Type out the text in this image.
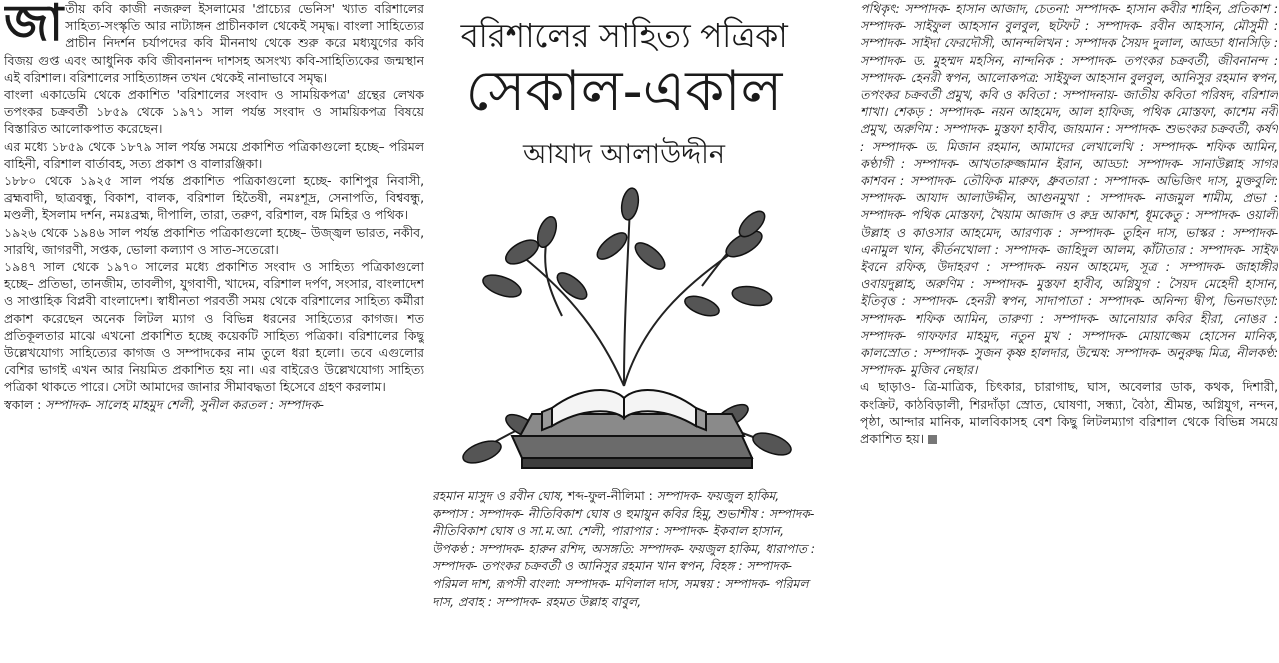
জাতীয় কবি কাজী নজরুল ইসলামের 'প্রাচ্যের ভেনিস' খ্যাত বরিশালের সাহিত্য-সংস্কৃতি আর নাট্যাঙ্গন প্রাচীনকাল থেকেই সমৃদ্ধ। বাংলা সাহিত্যের প্রাচীন নিদর্শন চর্যাপদের কবি মীননাথ থেকে শুরু করে মধ্যযুগের কবি বিজয় গুপ্ত এবং আধুনিক কবি জীবনানন্দ দাশসহ অসংখ্য কবি-সাহিত্যিকের জন্মস্থান এই বরিশাল। বরিশালের সাহিত্যাঙ্গন তখন থেকেই নানাভাবে সমৃদ্ধ।

বাংলা একাডেমি থেকে প্রকাশিত 'বরিশালের সংবাদ ও সাময়িকপত্র' গ্রন্থের লেখক তপংকর চক্রবর্তী ১৮৫৯ থেকে ১৯৭১ সাল পর্যন্ত সংবাদ ও সাময়িকপত্র বিষয়ে বিস্তারিত আলোকপাত করেছেন।

এর মধ্যে ১৮৫৯ থেকে ১৮৭৯ সাল পর্যন্ত সময়ে প্রকাশিত পত্রিকাগুলো হচ্ছে– পরিমল বাহিনী, বরিশাল বার্তাবহ, সত্য প্রকাশ ও বালারঞ্জিকা।

১৮৮০ থেকে ১৯২৫ সাল পর্যন্ত প্রকাশিত পত্রিকাগুলো হচ্ছে- কাশিপুর নিবাসী, ব্রহ্মবাদী, ছাত্রবন্ধু, বিকাশ, বালক, বরিশাল হিতৈষী, নমঃশূদ্র, সেনাপতি, বিশ্ববন্ধু, মণ্ডলী, ইসলাম দর্শন, নমঃব্রহ্ম, দীপালি, তারা, তরুণ, বরিশাল, বঙ্গ মিহির ও পথিক।

১৯২৬ থেকে ১৯৪৬ সাল পর্যন্ত প্রকাশিত পত্রিকাগুলো হচ্ছে– উজ্জ্বল ভারত, নকীব, সারথি, জাগরণী, সপ্তক, ভোলা কল্যাণ ও সাত-সতেরো।

১৯৪৭ সাল থেকে ১৯৭০ সালের মধ্যে প্রকাশিত সংবাদ ও সাহিত্য পত্রিকাগুলো হচ্ছে– প্রতিভা, তানজীম, তাবলীগ, যুগবাণী, খাদেম, বরিশাল দর্পণ, সংসার, বাংলাদেশ ও সাপ্তাহিক বিপ্লবী বাংলাদেশ। স্বাধীনতা পরবর্তী সময় থেকে বরিশালের সাহিত্য কর্মীরা প্রকাশ করেছেন অনেক লিটল ম্যাগ ও বিভিন্ন ধরনের সাহিত্যের কাগজ। শত প্রতিকূলতার মাঝে এখনো প্রকাশিত হচ্ছে কয়েকটি সাহিত্য পত্রিকা। বরিশালের কিছু উল্লেখযোগ্য সাহিত্যের কাগজ ও সম্পাদকের নাম তুলে ধরা হলো। তবে এগুলোর বেশির ভাগই এখন আর নিয়মিত প্রকাশিত হয় না। এর বাইরেও উল্লেখযোগ্য সাহিত্য পত্রিকা থাকতে পারে। সেটা আমাদের জানার সীমাবদ্ধতা হিসেবে গ্রহণ করলাম।

স্বকাল : সম্পাদক- সালেহ মাহমুদ শেলী, সুনীল করতল : সম্পাদক-

বরিশালের সাহিত্য পত্রিকা
সেকাল-একাল
আযাদ আলাউদ্দীন
রহমান মাসুদ ও রবীন ঘোষ, শব্দ-ফুল-নীলিমা : সম্পাদক- ফয়জুল হাকিম, কম্পাস : সম্পাদক- নীতিবিকাশ ঘোষ ও হুমায়ুন কবির হিমু, শুভাশীষ : সম্পাদক- নীতিবিকাশ ঘোষ ও সা.ম.আ. শেলী, পারাপার : সম্পাদক- ইকবাল হাসান, উপকণ্ঠ : সম্পাদক- হারুন রশিদ, অসঙ্গতি: সম্পাদক- ফয়জুল হাকিম, ধারাপাত : সম্পাদক- তপংকর চক্রবর্তী ও আনিসুর রহমান খান স্বপন, বিহঙ্গ : সম্পাদক- পরিমল দাশ, রূপসী বাংলা: সম্পাদক- মণিলাল দাস, সমন্বয় : সম্পাদক- পরিমল দাস, প্রবাহ : সম্পাদক- রহমত উল্লাহ বাবুল,

পথিকৃৎ: সম্পাদক- হাসান আজাদ, চেতনা: সম্পাদক- হাসান কবীর শাহিন, প্রতিকাশ : সম্পাদক- সাইফুল আহসান বুলবুল, ছটফট : সম্পাদক- রবীন আহসান, মৌসুমী : সম্পাদক- সাইদা ফেরদৌসী, আনন্দলিখন : সম্পাদক সৈয়দ দুলাল, আড্ডা ধানসিড়ি : সম্পাদক- ড. মুহম্মদ মহসিন, নান্দনিক : সম্পাদক- তপংকর চক্রবর্তী, জীবনানন্দ : সম্পাদক- হেনরী স্বপন, আলোকপত্র: সাইফুল আহসান বুলবুল, আনিসুর রহমান স্বপন, তপংকর চক্রবর্তী প্রমুখ, কবি ও কবিতা : সম্পাদনায়- জাতীয় কবিতা পরিষদ, বরিশাল শাখা। শেকড় : সম্পাদক- নয়ন আহমেদ, আল হাফিজ, পথিক মোস্তফা, কাশেম নবী প্রমুখ, অরুণিম : সম্পাদক- মুস্তফা হাবীব, জায়মান : সম্পাদক- শুভংকর চক্রবর্তী, কর্ষণ : সম্পাদক- ড. মিজান রহমান, আমাদের লেখালেখি : সম্পাদক- শফিক আমিন, কণ্ঠাগী : সম্পাদক- আখতারুজ্জামান ইরান, আড্ডা: সম্পাদক- সানাউল্লাহ সাগর কাশবন : সম্পাদক- তৌফিক মারুফ, ধ্রুবতারা : সম্পাদক- অভিজিৎ দাস, মুক্তবুলি: সম্পাদক- আযাদ আলাউদ্দীন, আগুনমুখা : সম্পাদক- নাজমুল শামীম, প্রভা : সম্পাদক- পথিক মোস্তফা, খৈয়াম আজাদ ও রুদ্র আকাশ, ধূমকেতু : সম্পাদক- ওয়ালী উল্লাহ ও কাওসার আহমেদ, আরণ্যক : সম্পাদক- তুহিন দাস, ভাস্কর : সম্পাদক- এনামুল খান, কীর্তনখোলা : সম্পাদক- জাহিদুল আলম, কাঁটাতার : সম্পাদক- সাইফ ইবনে রফিক, উদাহরণ : সম্পাদক- নয়ন আহমেদ, সূত্র : সম্পাদক- জাহাঙ্গীর ওবায়দুল্লাহ, অরুণিম : সম্পাদক- মুস্তফা হাবীব, অগ্নিযুগ : সৈয়দ মেহেদী হাসান, ইতিবৃত্ত : সম্পাদক- হেনরী স্বপন, সাদাপাতা : সম্পাদক- অনিন্দ্য দ্বীপ, ভিনভাংড়া: সম্পাদক- শফিক আমিন, তারুণ্য : সম্পাদক- আনোয়ার কবির হীরা, নোঙর : সম্পাদক- গাফফার মাহমুদ, নতুন মুখ : সম্পাদক- মোয়াজ্জেম হোসেন মানিক, কালস্রোত : সম্পাদক- সুজন কৃষ্ণ হালদার, উন্মেষ: সম্পাদক- অনুরুদ্ধ মিত্র, নীলকণ্ঠ: সম্পাদক- মুজিব নেছার।

এ ছাড়াও- ত্রি-মাত্রিক, চিৎকার, চারাগাছ, ঘাস, অবেলার ডাক, কথক, দিশারী, কংক্রিট, কাঠবিড়ালী, শিরদাঁড়া স্রোত, ঘোষণা, সন্ধ্যা, বৈঠা, শ্রীমন্ত, অগ্নিযুগ, নন্দন, পৃষ্ঠা, আন্দার মানিক, মালবিকাসহ বেশ কিছু লিটলম্যাগ বরিশাল থেকে বিভিন্ন সময়ে প্রকাশিত হয়।
